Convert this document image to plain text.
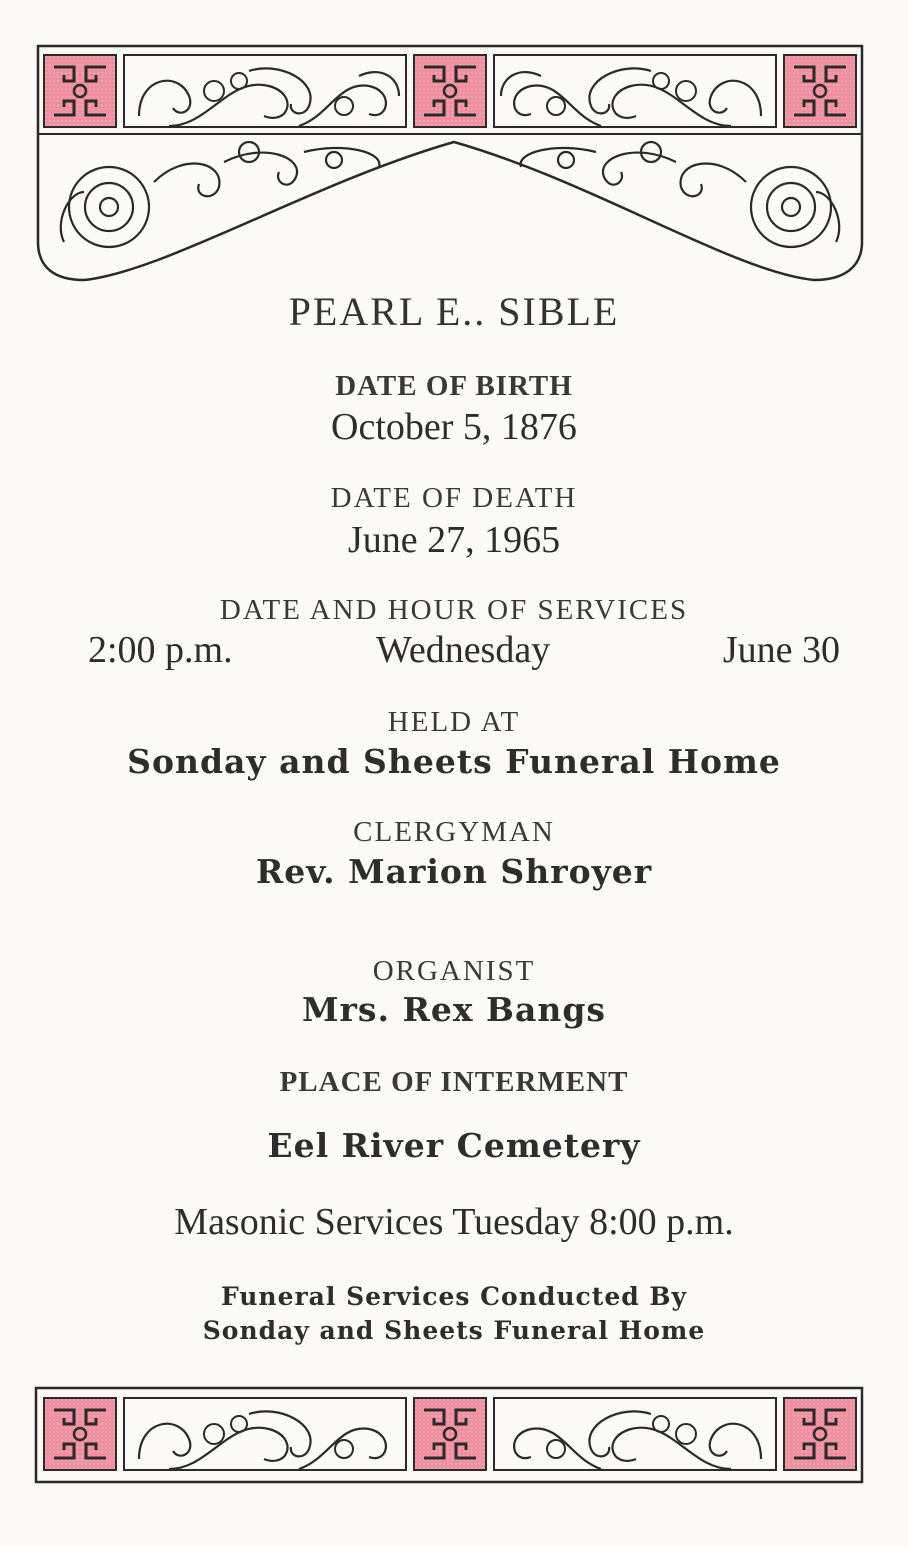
PEARL E.. SIBLE
DATE OF BIRTH
October 5, 1876
DATE OF DEATH
June 27, 1965
DATE AND HOUR OF SERVICES
2:00 p.m.	Wednesday	June 30
HELD AT
Sonday and Sheets Funeral Home
CLERGYMAN
Rev. Marion Shroyer
ORGANIST
Mrs. Rex Bangs
PLACE OF INTERMENT
Eel River Cemetery
Masonic Services Tuesday 8:00 p.m.
Funeral Services Conducted By
Sonday and Sheets Funeral Home
